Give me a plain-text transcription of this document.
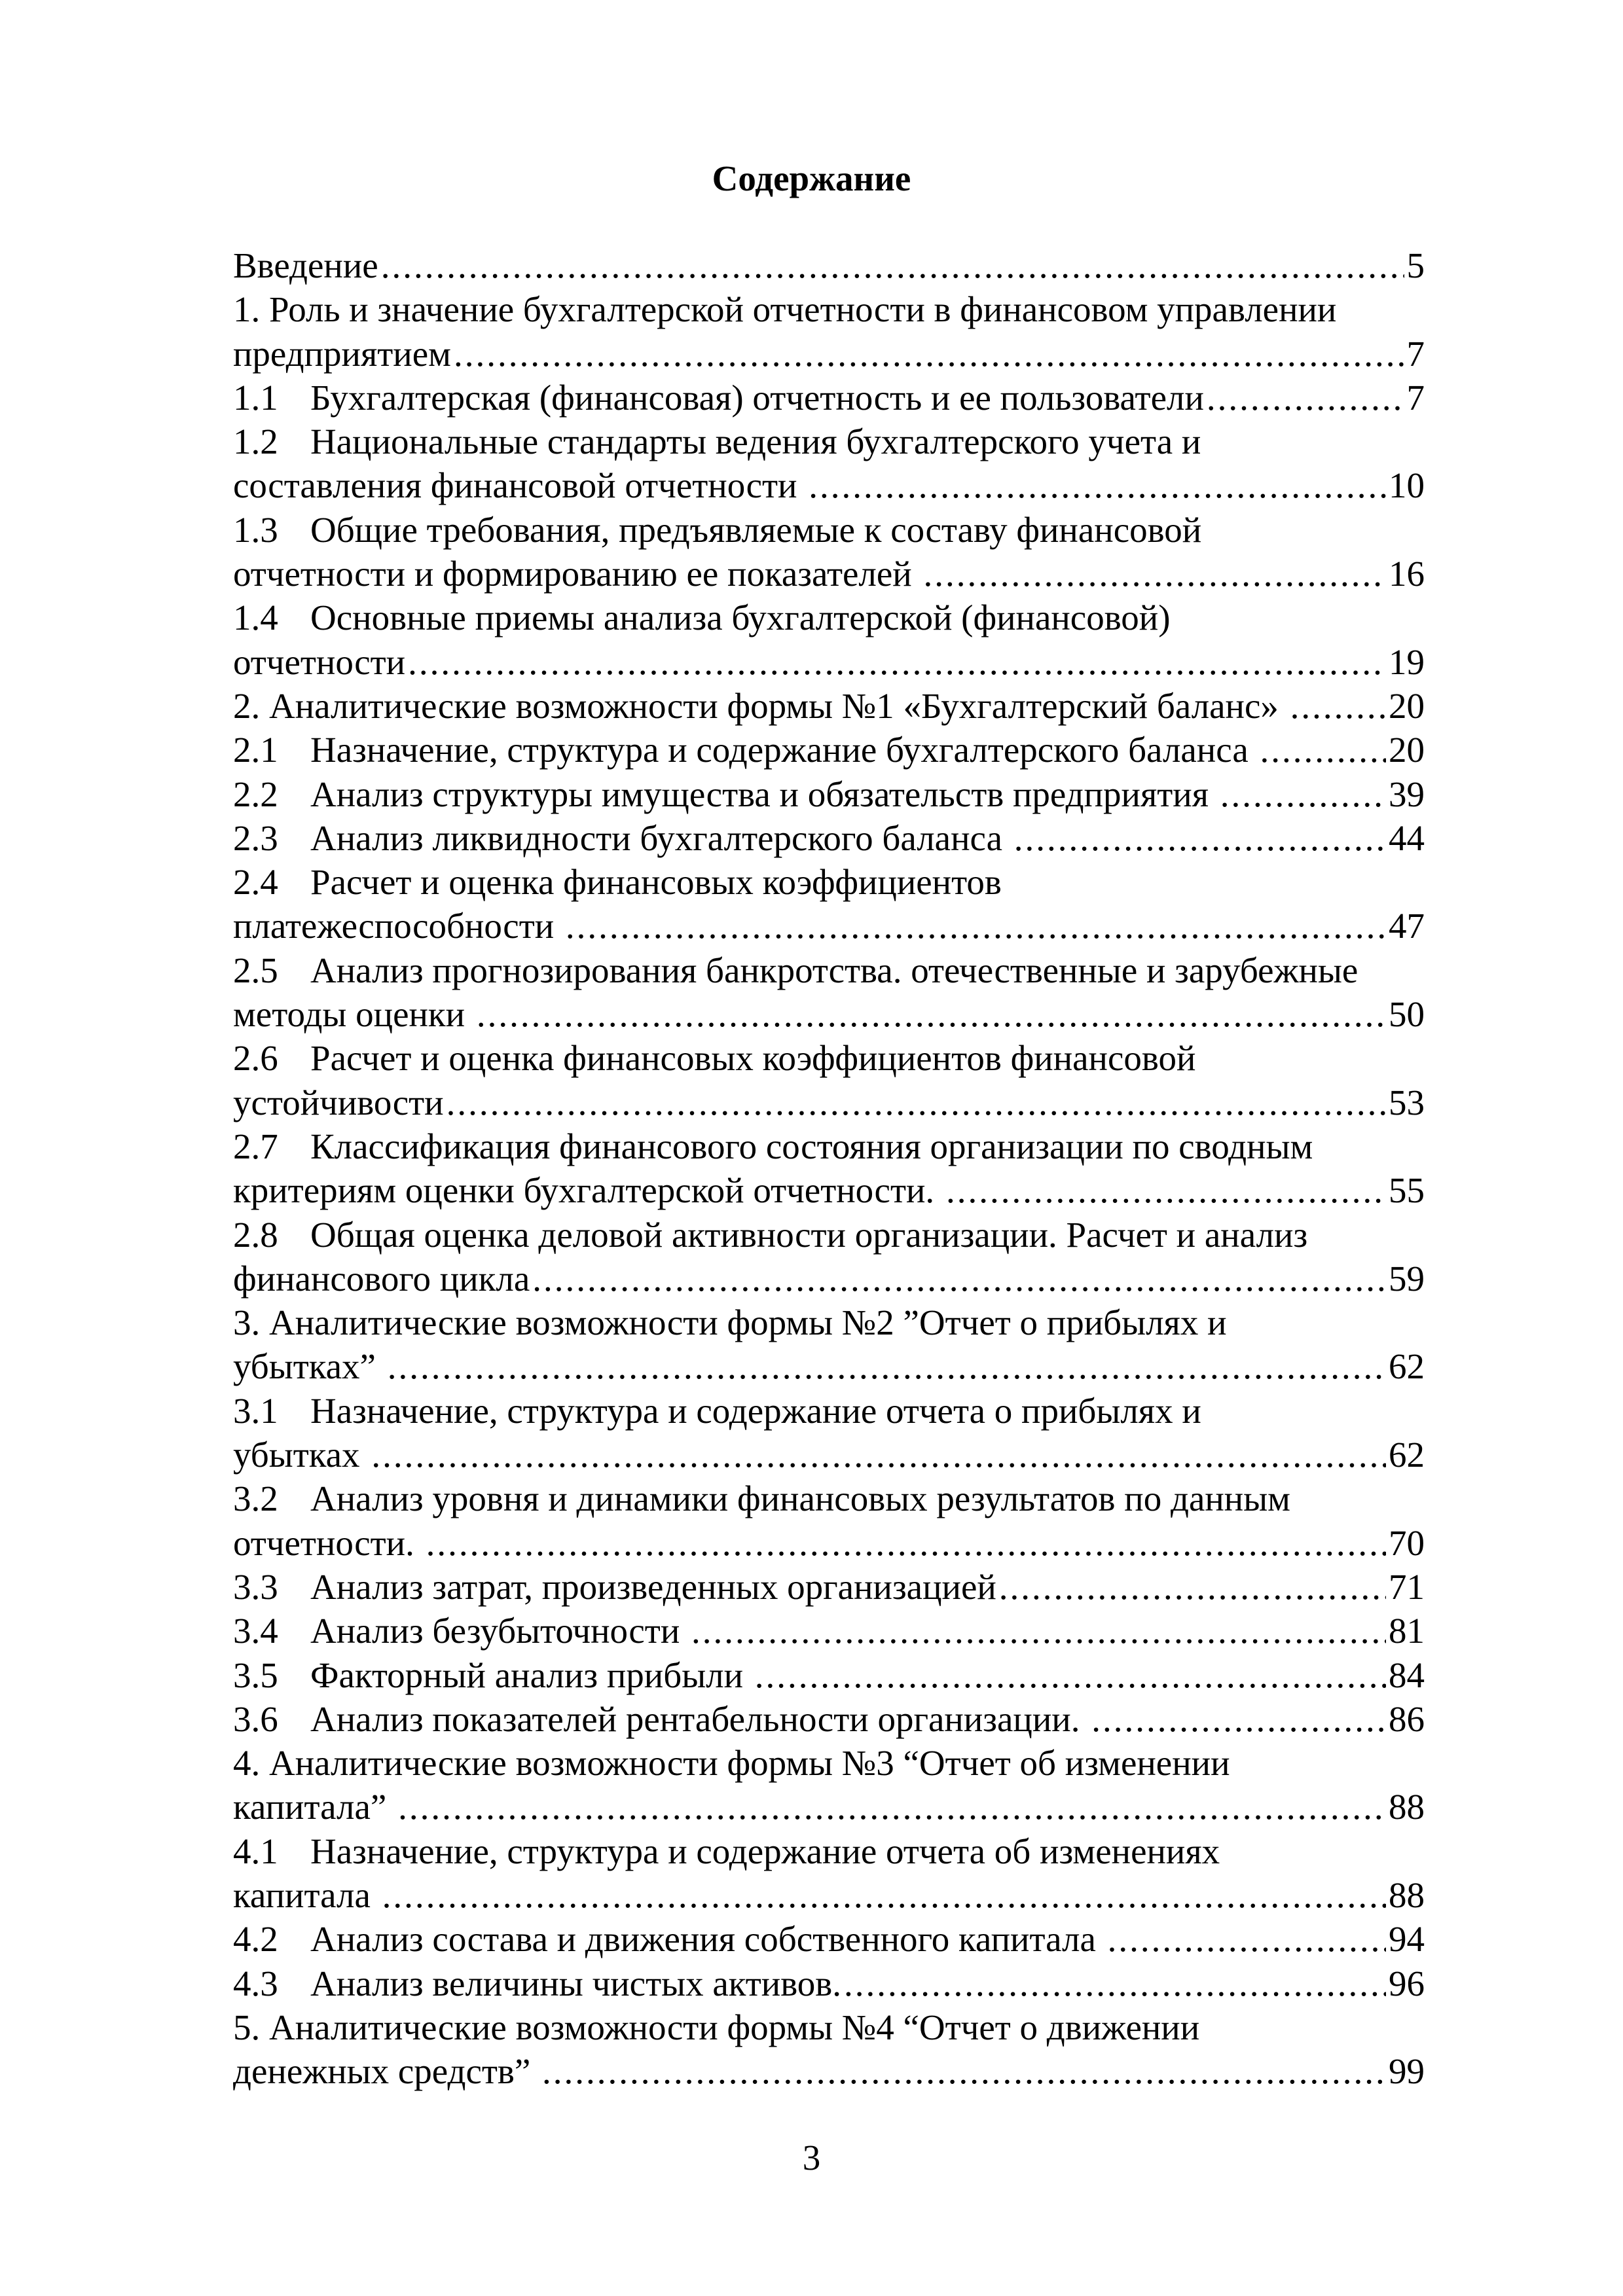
Содержание
Введение .....	5
1. Роль и значение бухгалтерской отчетности в финансовом управлении
предприятием .....	7
1.1 Бухгалтерская (финансовая) отчетность и ее пользователи .....	7
1.2 Национальные стандарты ведения бухгалтерского учета и
составления финансовой отчетности .....	10
1.3 Общие требования, предъявляемые к составу финансовой
отчетности и формированию ее показателей .....	16
1.4 Основные приемы анализа бухгалтерской (финансовой)
отчетности .....	19
2. Аналитические возможности формы №1 «Бухгалтерский баланс» .....	20
2.1 Назначение, структура и содержание бухгалтерского баланса .....	20
2.2 Анализ структуры имущества и обязательств предприятия .....	39
2.3 Анализ ликвидности бухгалтерского баланса .....	44
2.4 Расчет и оценка финансовых коэффициентов
платежеспособности .....	47
2.5 Анализ прогнозирования банкротства. отечественные и зарубежные
методы оценки .....	50
2.6 Расчет и оценка финансовых коэффициентов финансовой
устойчивости .....	53
2.7 Классификация финансового состояния организации по сводным
критериям оценки бухгалтерской отчетности. .....	55
2.8 Общая оценка деловой активности организации. Расчет и анализ
финансового цикла .....	59
3. Аналитические возможности формы №2 ”Отчет о прибылях и
убытках” .....	62
3.1 Назначение, структура и содержание отчета о прибылях и
убытках .....	62
3.2 Анализ уровня и динамики финансовых результатов по данным
отчетности. .....	70
3.3 Анализ затрат, произведенных организацией .....	71
3.4 Анализ безубыточности .....	81
3.5 Факторный анализ прибыли .....	84
3.6 Анализ показателей рентабельности организации. .....	86
4. Аналитические возможности формы №3 “Отчет об изменении
капитала” .....	88
4.1 Назначение, структура и содержание отчета об изменениях
капитала .....	88
4.2 Анализ состава и движения собственного капитала .....	94
4.3 Анализ величины чистых активов. .....	96
5. Аналитические возможности формы №4 “Отчет о движении
денежных средств” .....	99
3
